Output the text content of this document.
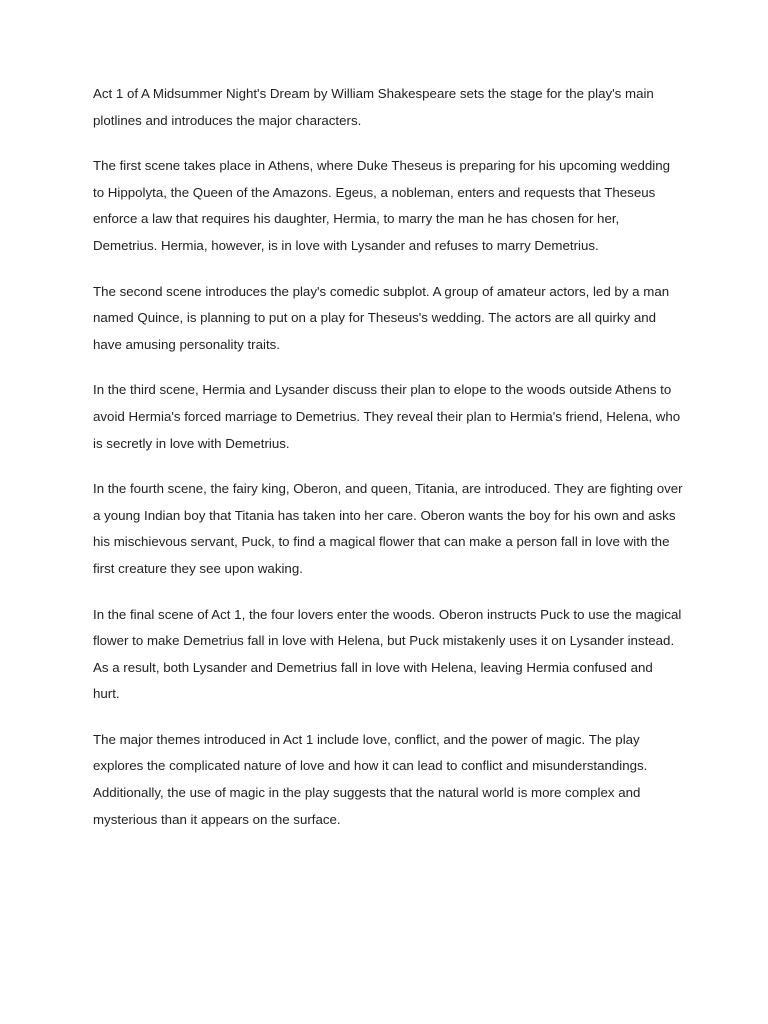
Act 1 of A Midsummer Night's Dream by William Shakespeare sets the stage for the play's main plotlines and introduces the major characters.

The first scene takes place in Athens, where Duke Theseus is preparing for his upcoming wedding to Hippolyta, the Queen of the Amazons. Egeus, a nobleman, enters and requests that Theseus enforce a law that requires his daughter, Hermia, to marry the man he has chosen for her, Demetrius. Hermia, however, is in love with Lysander and refuses to marry Demetrius.

The second scene introduces the play's comedic subplot. A group of amateur actors, led by a man named Quince, is planning to put on a play for Theseus's wedding. The actors are all quirky and have amusing personality traits.

In the third scene, Hermia and Lysander discuss their plan to elope to the woods outside Athens to avoid Hermia's forced marriage to Demetrius. They reveal their plan to Hermia's friend, Helena, who is secretly in love with Demetrius.

In the fourth scene, the fairy king, Oberon, and queen, Titania, are introduced. They are fighting over a young Indian boy that Titania has taken into her care. Oberon wants the boy for his own and asks his mischievous servant, Puck, to find a magical flower that can make a person fall in love with the first creature they see upon waking.

In the final scene of Act 1, the four lovers enter the woods. Oberon instructs Puck to use the magical flower to make Demetrius fall in love with Helena, but Puck mistakenly uses it on Lysander instead. As a result, both Lysander and Demetrius fall in love with Helena, leaving Hermia confused and hurt.

The major themes introduced in Act 1 include love, conflict, and the power of magic. The play explores the complicated nature of love and how it can lead to conflict and misunderstandings. Additionally, the use of magic in the play suggests that the natural world is more complex and mysterious than it appears on the surface.
